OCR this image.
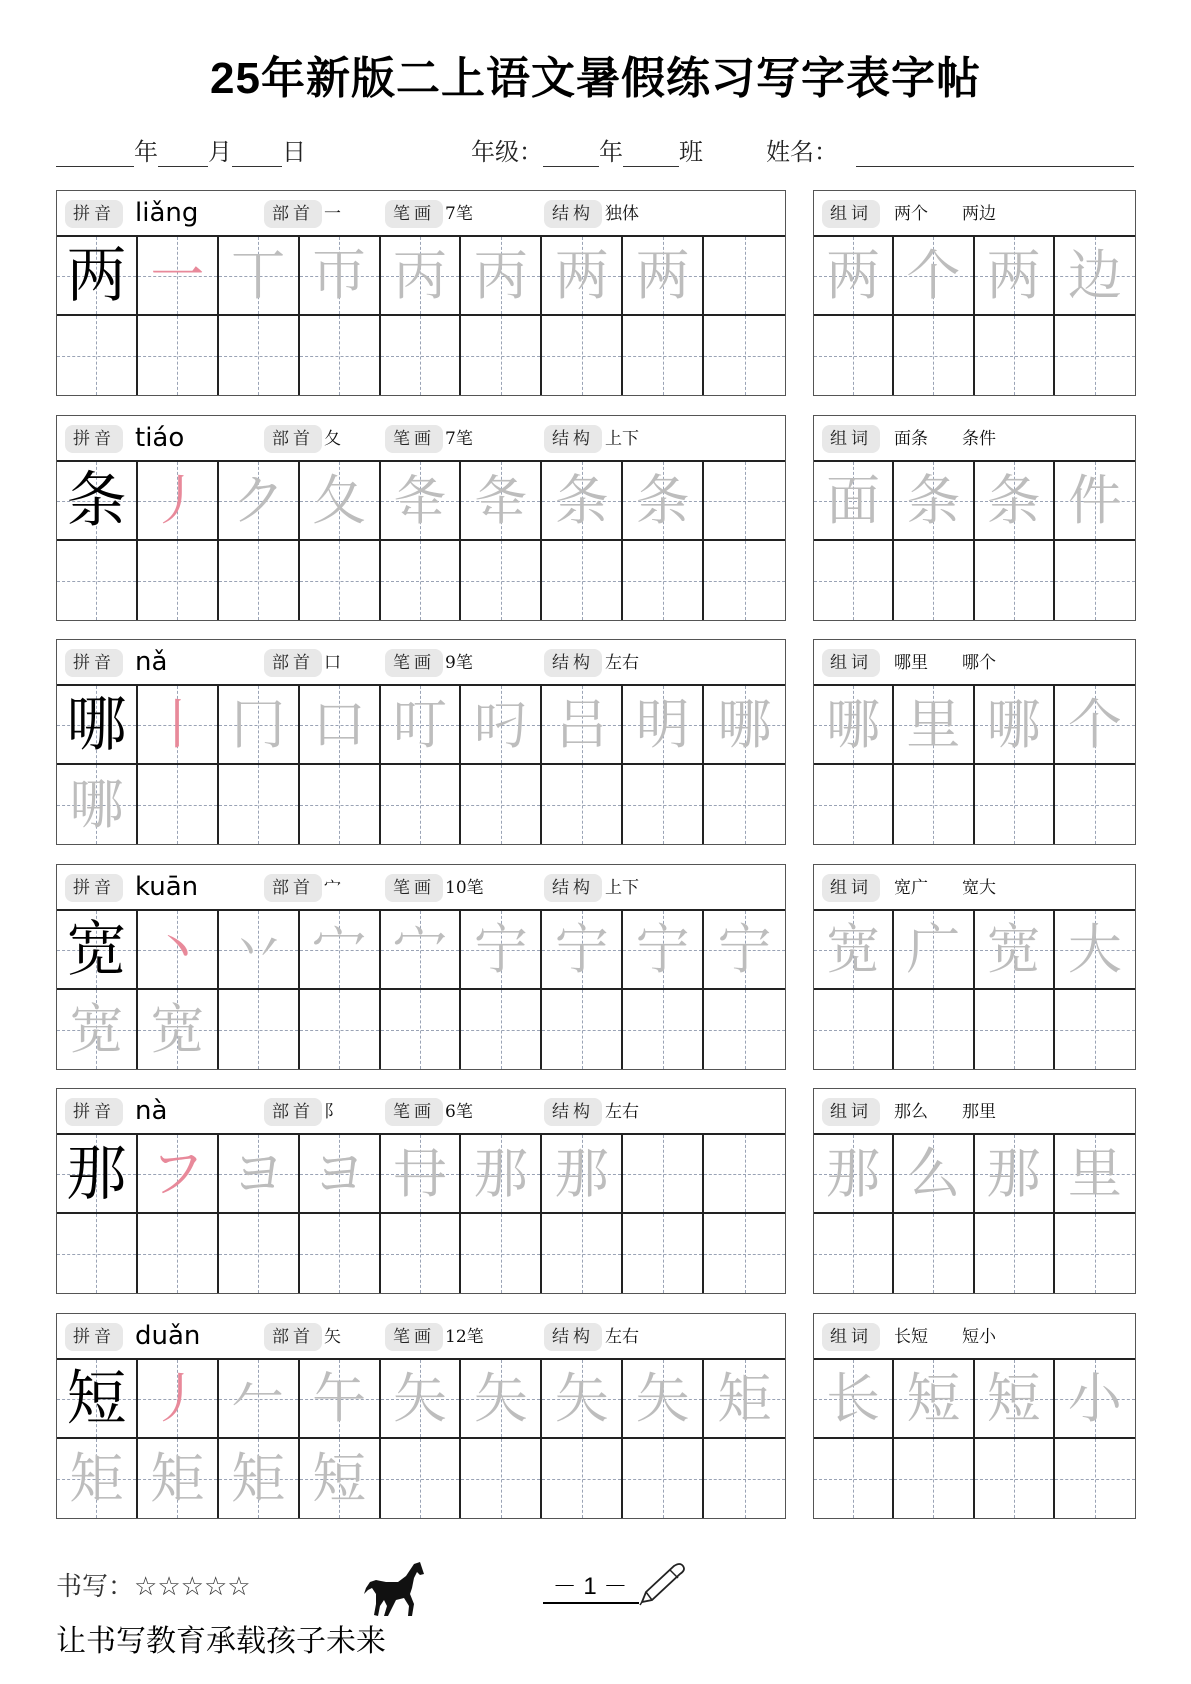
25年新版二上语文暑假练习写字表字帖
年 月 日	年级： 年 班	姓名：
拼音 liǎng	部首 一	笔画 7笔	结构 独体
两 一 丅 帀 丙 丙 两 两
组词	两个 两边
两 个 两 边
拼音 tiáo	部首 夂	笔画 7笔	结构 上下
条 丿 ク 夂 夅 夅 条 条
组词	面条 条件
面 条 条 件
拼音 nǎ	部首 口	笔画 9笔	结构 左右
哪 丨 冂 口 叮 叼 吕 明 哪
哪
组词	哪里 哪个
哪 里 哪 个
拼音 kuān	部首 宀	笔画 10笔	结构 上下
宽 丶 丷 宀 宀 宁 宁 宁 宁
宽 宽
组词	宽广 宽大
宽 广 宽 大
拼音 nà	部首 阝	笔画 6笔	结构 左右
那 フ ヨ ヨ 冄 那 那
组词	那么 那里
那 么 那 里
拼音 duǎn	部首 矢	笔画 12笔	结构 左右
短 丿 𠂉 午 矢 矢 矢 矢 矩
矩 矩 矩 短
组词	长短 短小
长 短 短 小
书写：☆☆☆☆☆	－ 1 －
让书写教育承载孩子未来
